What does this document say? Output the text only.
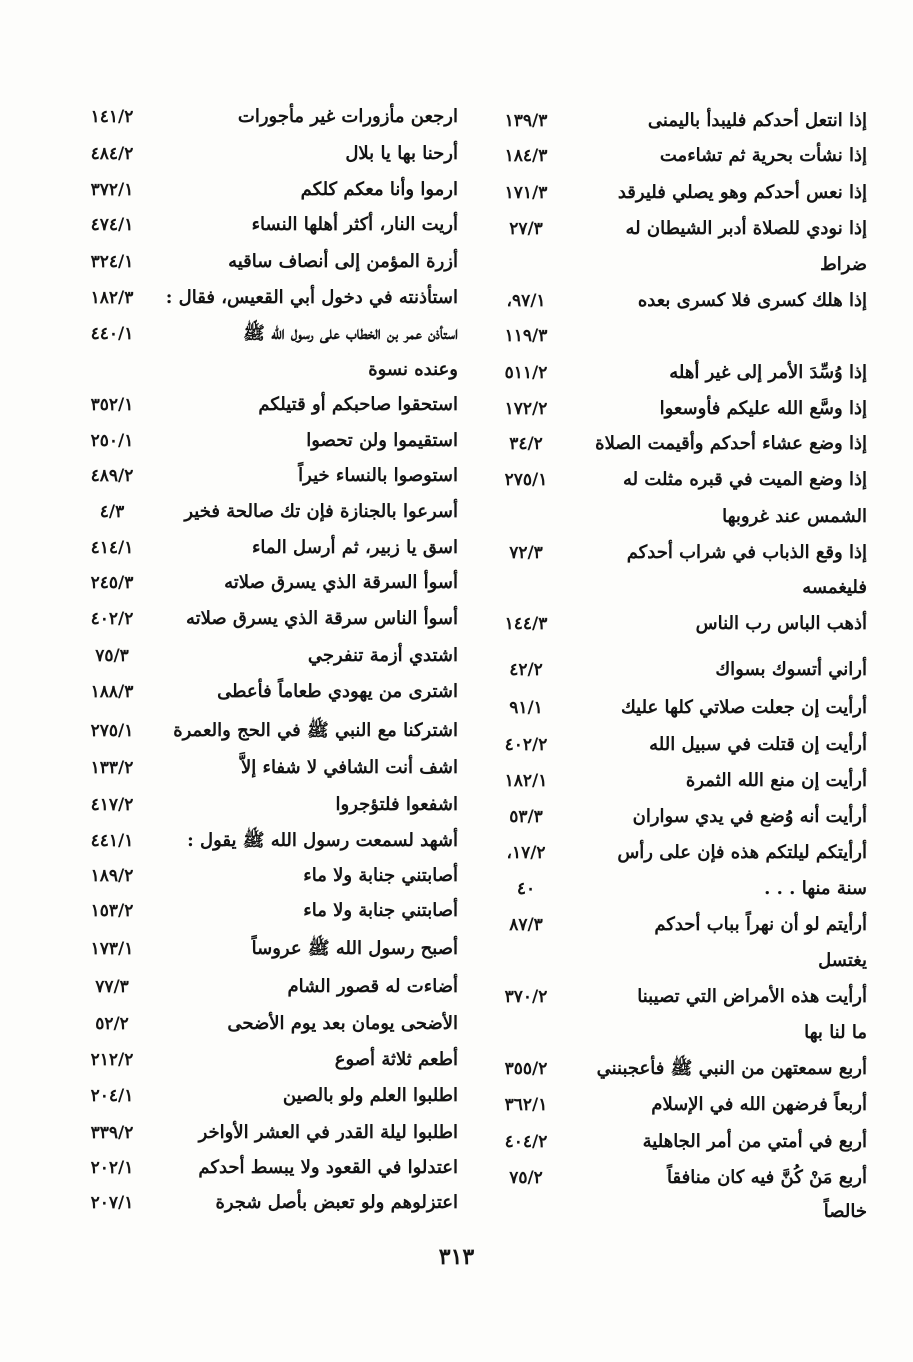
إذا انتعل أحدكم فليبدأ باليمنى
١٣٩/٣
إذا نشأت بحرية ثم تشاءمت
١٨٤/٣
إذا نعس أحدكم وهو يصلي فليرقد
١٧١/٣
إذا نودي للصلاة أدبر الشيطان له
٢٧/٣
ضراط
إذا هلك كسرى فلا كسرى بعده
٩٧/١،
١١٩/٣
إذا وُسِّدَ الأمر إلى غير أهله
٥١١/٢
إذا وسَّع الله عليكم فأوسعوا
١٧٢/٢
إذا وضع عشاء أحدكم وأقيمت الصلاة
٣٤/٢
إذا وضع الميت في قبره مثلت له
٢٧٥/١
الشمس عند غروبها
إذا وقع الذباب في شراب أحدكم
٧٢/٣
فليغمسه
أذهب الباس رب الناس
١٤٤/٣
أراني أتسوك بسواك
٤٢/٢
أرأيت إن جعلت صلاتي كلها عليك
٩١/١
أرأيت إن قتلت في سبيل الله
٤٠٢/٢
أرأيت إن منع الله الثمرة
١٨٢/١
أرأيت أنه وُضع في يدي سواران
٥٣/٣
أرأيتكم ليلتكم هذه فإن على رأس
١٧/٢،
سنة منها . . .
٤٠
أرأيتم لو أن نهراً بباب أحدكم
٨٧/٣
يغتسل
أرأيت هذه الأمراض التي تصيبنا
٣٧٠/٢
ما لنا بها
أربع سمعتهن من النبي ﷺ فأعجبنني
٣٥٥/٢
أربعاً فرضهن الله في الإسلام
٣٦٢/١
أربع في أمتي من أمر الجاهلية
٤٠٤/٢
أربع مَنْ كُنَّ فيه كان منافقاً
٧٥/٢
خالصاً
ارجعن مأزورات غير مأجورات
١٤١/٢
أرحنا بها يا بلال
٤٨٤/٢
ارموا وأنا معكم كلكم
٣٧٢/١
أريت النار، أكثر أهلها النساء
٤٧٤/١
أزرة المؤمن إلى أنصاف ساقيه
٣٢٤/١
استأذنته في دخول أبي القعيس، فقال :
١٨٢/٣
استأذن عمر بن الخطاب على رسول الله ﷺ
٤٤٠/١
وعنده نسوة
استحقوا صاحبكم أو قتيلكم
٣٥٢/١
استقيموا ولن تحصوا
٢٥٠/١
استوصوا بالنساء خيراً
٤٨٩/٢
أسرعوا بالجنازة فإن تك صالحة فخير
٤/٣
اسق يا زبير، ثم أرسل الماء
٤١٤/١
أسوأ السرقة الذي يسرق صلاته
٢٤٥/٣
أسوأ الناس سرقة الذي يسرق صلاته
٤٠٢/٢
اشتدي أزمة تنفرجي
٧٥/٣
اشترى من يهودي طعاماً فأعطى
١٨٨/٣
اشتركنا مع النبي ﷺ في الحج والعمرة
٢٧٥/١
اشف أنت الشافي لا شفاء إلاَّ
١٣٣/٢
اشفعوا فلتؤجروا
٤١٧/٢
أشهد لسمعت رسول الله ﷺ يقول :
٤٤١/١
أصابتني جنابة ولا ماء
١٨٩/٢
أصابتني جنابة ولا ماء
١٥٣/٢
أصبح رسول الله ﷺ عروساً
١٧٣/١
أضاءت له قصور الشام
٧٧/٣
الأضحى يومان بعد يوم الأضحى
٥٢/٢
أطعم ثلاثة أصوع
٢١٢/٢
اطلبوا العلم ولو بالصين
٢٠٤/١
اطلبوا ليلة القدر في العشر الأواخر
٣٣٩/٢
اعتدلوا في القعود ولا يبسط أحدكم
٢٠٢/١
اعتزلوهم ولو تعبض بأصل شجرة
٢٠٧/١
٣١٣
